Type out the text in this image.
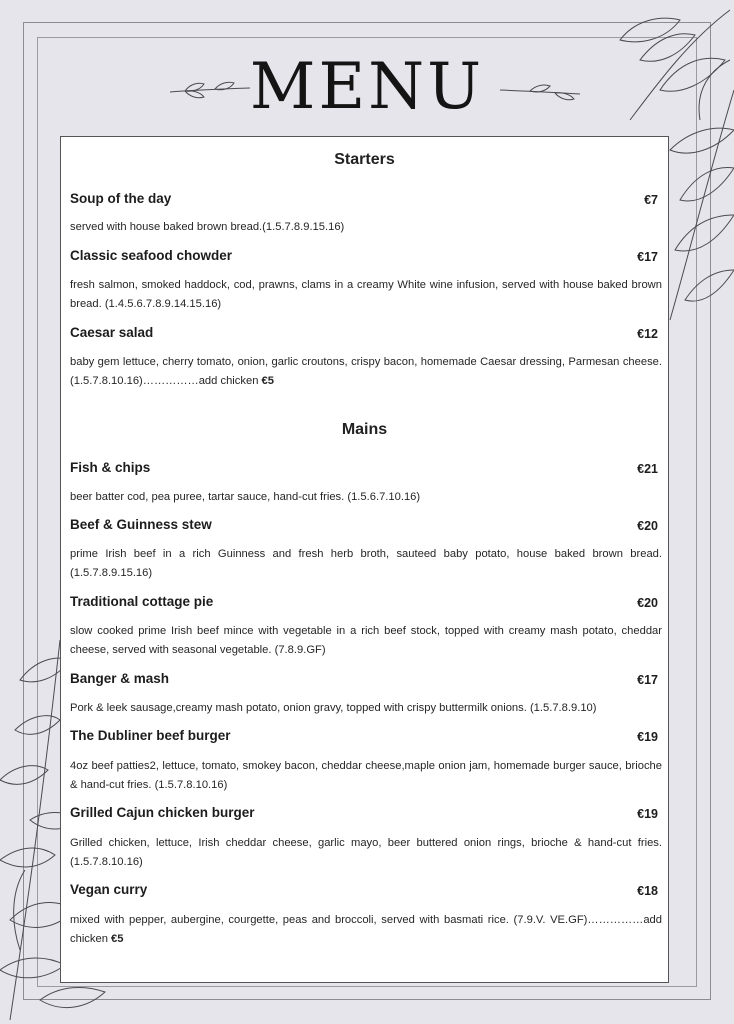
MENU
Starters
Soup of the day	€7
served with house baked brown bread.(1.5.7.8.9.15.16)
Classic seafood chowder	€17
fresh salmon, smoked haddock, cod, prawns, clams in a creamy White wine infusion, served with house baked brown bread. (1.4.5.6.7.8.9.14.15.16)
Caesar salad	€12
baby gem lettuce, cherry tomato, onion, garlic croutons, crispy bacon, homemade Caesar dressing, Parmesan cheese. (1.5.7.8.10.16)……………add chicken €5
Mains
Fish & chips	€21
beer batter cod, pea puree, tartar sauce, hand-cut fries. (1.5.6.7.10.16)
Beef & Guinness stew	€20
prime Irish beef in a rich Guinness and fresh herb broth, sauteed baby potato, house baked brown bread. (1.5.7.8.9.15.16)
Traditional cottage pie	€20
slow cooked prime Irish beef mince with vegetable in a rich beef stock, topped with creamy mash potato, cheddar cheese, served with seasonal vegetable. (7.8.9.GF)
Banger & mash	€17
Pork & leek sausage,creamy mash potato, onion gravy, topped with crispy buttermilk onions. (1.5.7.8.9.10)
The Dubliner beef burger	€19
4oz beef patties2, lettuce, tomato, smokey bacon, cheddar cheese,maple onion jam, homemade burger sauce, brioche & hand-cut fries. (1.5.7.8.10.16)
Grilled Cajun chicken burger	€19
Grilled chicken, lettuce, Irish cheddar cheese, garlic mayo, beer buttered onion rings, brioche & hand-cut fries. (1.5.7.8.10.16)
Vegan curry	€18
mixed with pepper, aubergine, courgette, peas and broccoli, served with basmati rice. (7.9.V. VE.GF)……………add chicken €5
